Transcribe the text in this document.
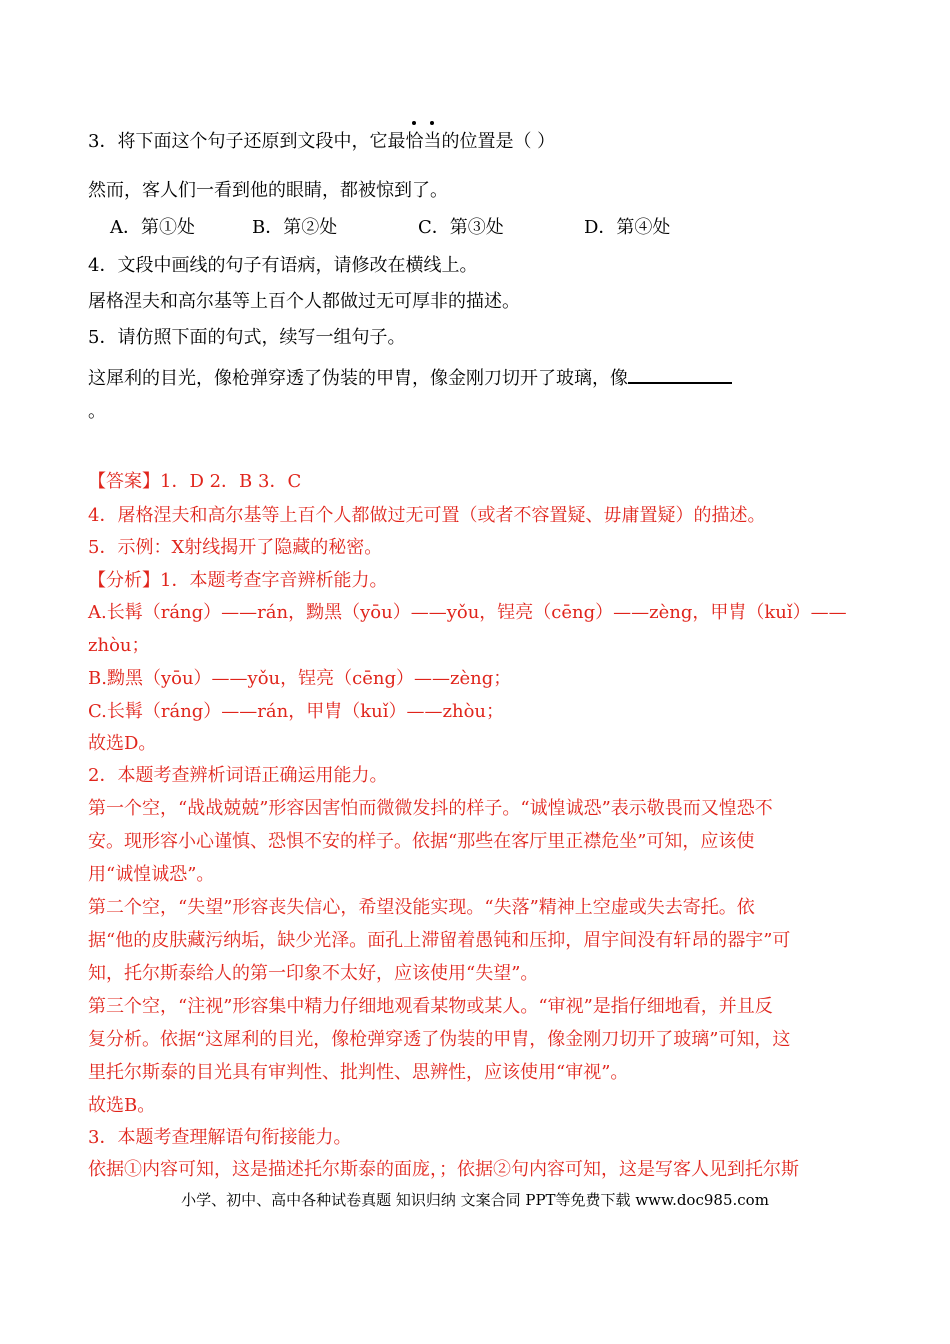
3．将下面这个句子还原到文段中，它最
恰
当的位置是（ ）
然而，客人们一看到他的眼睛，都被惊到了。
A．第①处	B．第②处	C．第③处	D．第④处
4．文段中画线的句子有语病，请修改在横线上。
屠格涅夫和高尔基等上百个人都做过无可厚非的描述。
5．请仿照下面的句式，续写一组句子。
这犀利的目光，像枪弹穿透了伪装的甲胄，像金刚刀切开了玻璃，像
。
【答案】1．D 2．B 3．C
4．屠格涅夫和高尔基等上百个人都做过无可置（或者不容置疑、毋庸置疑）的描述。
5．示例：X射线揭开了隐藏的秘密。
【分析】1．本题考查字音辨析能力。
A.长髯（ráng）——rán，黝黑（yōu）——yǒu，锃亮（cēng）——zèng，甲胄（kuǐ）——
zhòu；
B.黝黑（yōu）——yǒu，锃亮（cēng）——zèng；
C.长髯（ráng）——rán，甲胄（kuǐ）——zhòu；
故选D。
2．本题考查辨析词语正确运用能力。
第一个空，“战战兢兢”形容因害怕而微微发抖的样子。“诚惶诚恐”表示敬畏而又惶恐不
安。现形容小心谨慎、恐惧不安的样子。依据“那些在客厅里正襟危坐”可知，应该使
用“诚惶诚恐”。
第二个空，“失望”形容丧失信心，希望没能实现。“失落”精神上空虚或失去寄托。依
据“他的皮肤藏污纳垢，缺少光泽。面孔上滞留着愚钝和压抑，眉宇间没有轩昂的器宇”可
知，托尔斯泰给人的第一印象不太好，应该使用“失望”。
第三个空，“注视”形容集中精力仔细地观看某物或某人。“审视”是指仔细地看，并且反
复分析。依据“这犀利的目光，像枪弹穿透了伪装的甲胄，像金刚刀切开了玻璃”可知，这
里托尔斯泰的目光具有审判性、批判性、思辨性，应该使用“审视”。
故选B。
3．本题考查理解语句衔接能力。
依据①内容可知，这是描述托尔斯泰的面庞，；依据②句内容可知，这是写客人见到托尔斯
小学、初中、高中各种试卷真题 知识归纳 文案合同 PPT等免费下载 www.doc985.com
